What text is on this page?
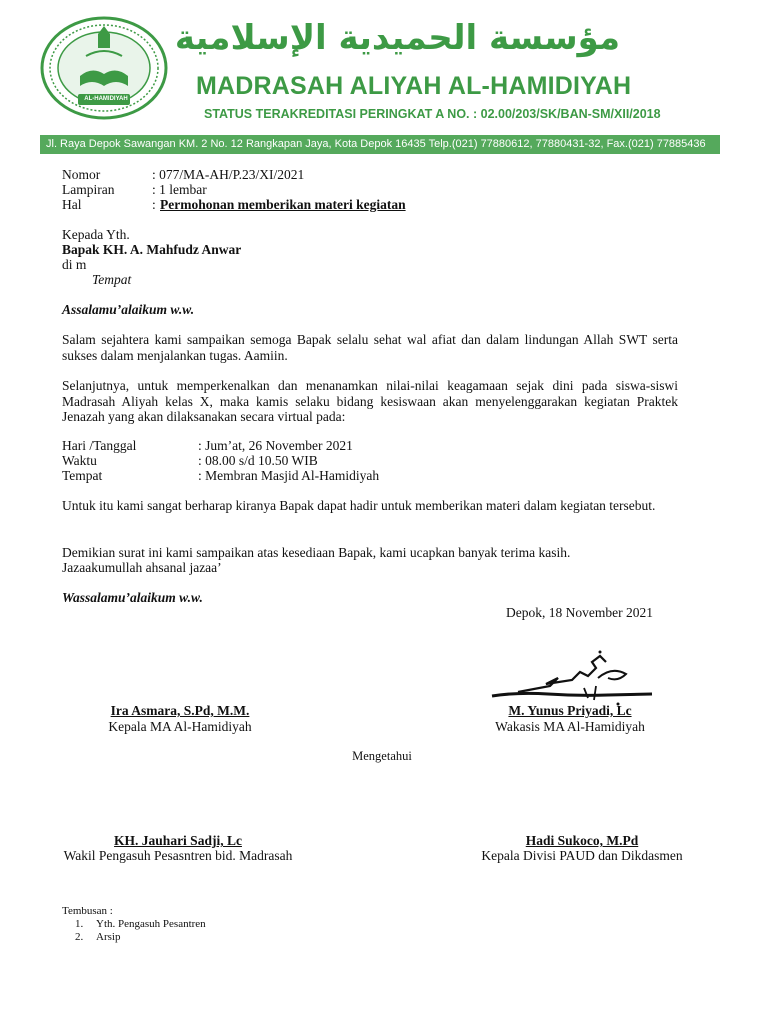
AL-HAMIDIYAH
مؤسسة الحميدية الإسلامية
MADRASAH ALIYAH AL-HAMIDIYAH
STATUS TERAKREDITASI PERINGKAT A NO. : 02.00/203/SK/BAN-SM/XII/2018
Jl. Raya Depok Sawangan KM. 2 No. 12 Rangkapan Jaya, Kota Depok 16435 Telp.(021) 77880612, 77880431-32, Fax.(021) 77885436
Nomor	: 077/MA-AH/P.23/XI/2021
Lampiran	: 1 lembar
Hal	: Permohonan memberikan materi kegiatan
Kepada Yth.
Bapak KH. A. Mahfudz Anwar
di m
Tempat
Assalamu’alaikum w.w.
Salam sejahtera kami sampaikan semoga Bapak selalu sehat wal afiat dan dalam lindungan Allah SWT serta sukses dalam menjalankan tugas. Aamiin.
Selanjutnya, untuk memperkenalkan dan menanamkan nilai-nilai keagamaan sejak dini pada siswa-siswi Madrasah Aliyah kelas X, maka kamis selaku bidang kesiswaan akan menyelenggarakan kegiatan Praktek Jenazah yang akan dilaksanakan secara virtual pada:
Hari /Tanggal	: Jum’at, 26 November 2021
Waktu	: 08.00 s/d 10.50 WIB
Tempat	: Membran Masjid Al-Hamidiyah
Untuk itu kami sangat berharap kiranya Bapak dapat hadir untuk memberikan materi dalam kegiatan tersebut.
Demikian surat ini kami sampaikan atas kesediaan Bapak, kami ucapkan banyak terima kasih.
Jazaakumullah ahsanal jazaa’
Wassalamu’alaikum w.w.
Depok, 18 November 2021
Ira Asmara, S.Pd, M.M.
Kepala MA Al-Hamidiyah
M. Yunus Priyadi, Lc
Wakasis MA Al-Hamidiyah
Mengetahui
KH. Jauhari Sadji, Lc
Wakil Pengasuh Pesasntren bid. Madrasah
Hadi Sukoco, M.Pd
Kepala Divisi PAUD dan Dikdasmen
Tembusan :
1. Yth. Pengasuh Pesantren
2. Arsip
